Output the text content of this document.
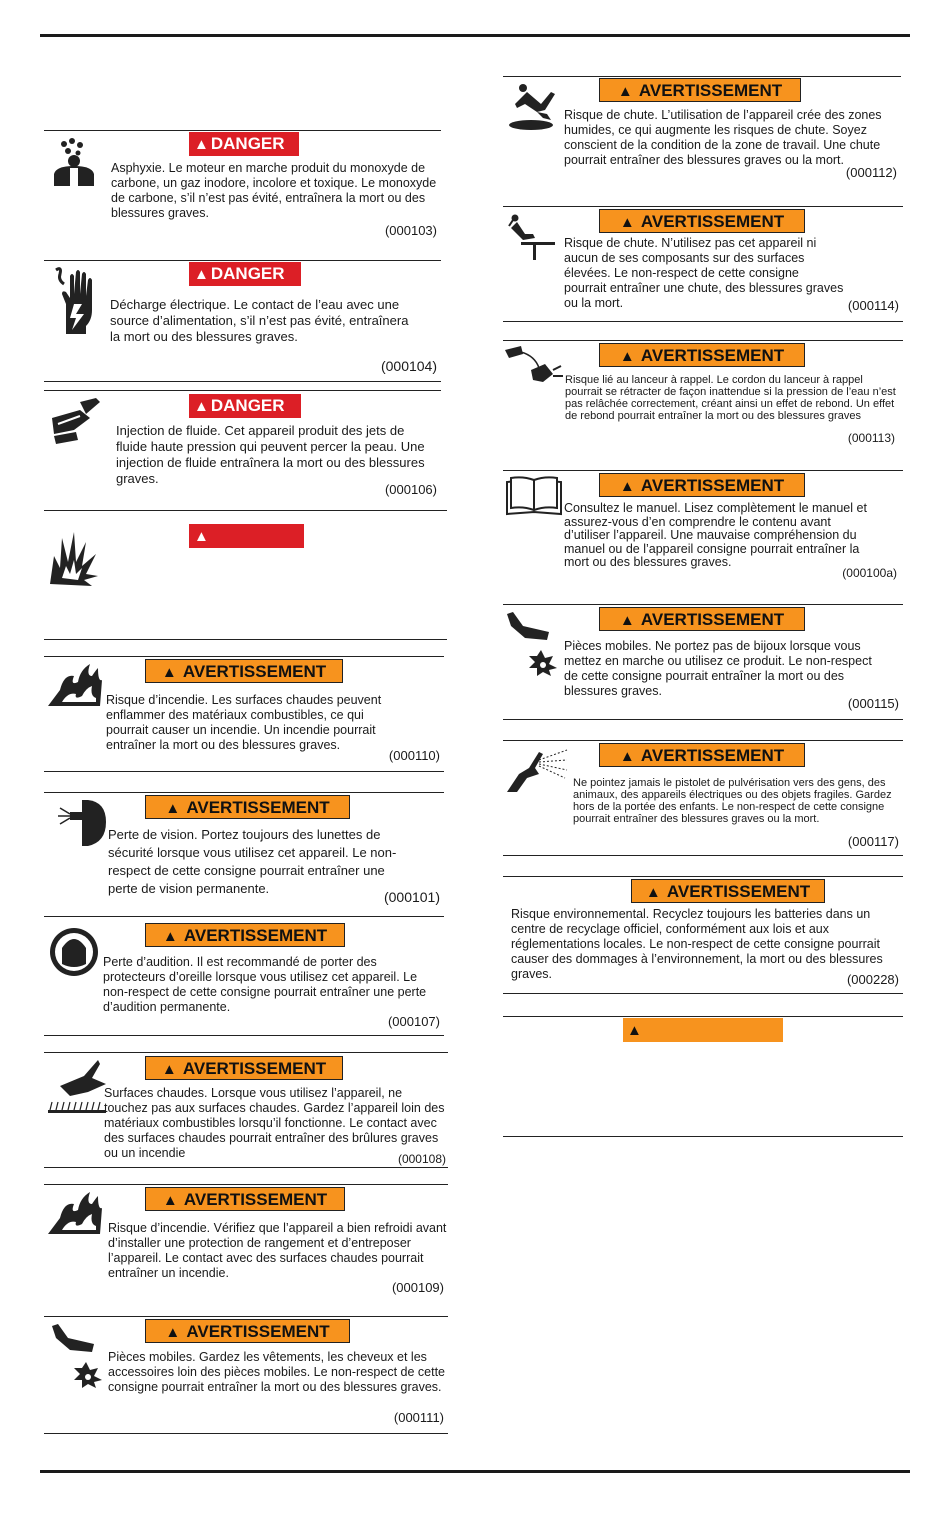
▲ DANGER
Asphyxie. Le moteur en marche produit du monoxyde de carbone, un gaz inodore, incolore et toxique. Le monoxyde de carbone, s’il n’est pas évité, entraînera la mort ou des blessures graves.
(000103)
▲ DANGER
Décharge électrique. Le contact de l’eau avec une source d’alimentation, s’il n’est pas évité, entraînera la mort ou des blessures graves.
(000104)
▲ DANGER
Injection de fluide. Cet appareil produit des jets de fluide haute pression qui peuvent percer la peau. Une injection de fluide entraînera la mort ou des blessures graves.
(000106)
▲
▲ AVERTISSEMENT
Risque d’incendie. Les surfaces chaudes peuvent enflammer des matériaux combustibles, ce qui pourrait causer un incendie. Un incendie pourrait entraîner la mort ou des blessures graves.
(000110)
▲ AVERTISSEMENT
Perte de vision. Portez toujours des lunettes de sécurité lorsque vous utilisez cet appareil. Le non-respect de cette consigne pourrait entraîner une perte de vision permanente.
(000101)
▲ AVERTISSEMENT
Perte d’audition. Il est recommandé de porter des protecteurs d’oreille lorsque vous utilisez cet appareil. Le non-respect de cette consigne pourrait entraîner une perte d’audition permanente.
(000107)
▲ AVERTISSEMENT
Surfaces chaudes. Lorsque vous utilisez l’appareil, ne touchez pas aux surfaces chaudes. Gardez l’appareil loin des matériaux combustibles lorsqu’il fonctionne. Le contact avec des surfaces chaudes pourrait entraîner des brûlures graves ou un incendie	(000108)
▲ AVERTISSEMENT
Risque d’incendie. Vérifiez que l’appareil a bien refroidi avant d’installer une protection de rangement et d’entreposer l’appareil. Le contact avec des surfaces chaudes pourrait entraîner un incendie.
(000109)
▲ AVERTISSEMENT
Pièces mobiles. Gardez les vêtements, les cheveux et les accessoires loin des pièces mobiles. Le non-respect de cette consigne pourrait entraîner la mort ou des blessures graves.
(000111)
▲ AVERTISSEMENT
Risque de chute. L’utilisation de l’appareil crée des zones humides, ce qui augmente les risques de chute. Soyez conscient de la condition de la zone de travail. Une chute pourrait entraîner des blessures graves ou la mort.
(000112)
▲ AVERTISSEMENT
Risque de chute. N’utilisez pas cet appareil ni aucun de ses composants sur des surfaces élevées. Le non-respect de cette consigne pourrait entraîner une chute, des blessures graves ou la mort.	(000114)
▲ AVERTISSEMENT
Risque lié au lanceur à rappel. Le cordon du lanceur à rappel pourrait se rétracter de façon inattendue si la pression de l’eau n’est pas relâchée correctement, créant ainsi un effet de rebond. Un effet de rebond pourrait entraîner la mort ou des blessures graves
(000113)
▲ AVERTISSEMENT
Consultez le manuel. Lisez complètement le manuel et assurez-vous d’en comprendre le contenu avant d’utiliser l’appareil. Une mauvaise compréhension du manuel ou de l’appareil consigne pourrait entraîner la mort ou des blessures graves.
(000100a)
▲ AVERTISSEMENT
Pièces mobiles. Ne portez pas de bijoux lorsque vous mettez en marche ou utilisez ce produit. Le non-respect de cette consigne pourrait entraîner la mort ou des blessures graves.
(000115)
▲ AVERTISSEMENT
Ne pointez jamais le pistolet de pulvérisation vers des gens, des animaux, des appareils électriques ou des objets fragiles. Gardez hors de la portée des enfants. Le non-respect de cette consigne pourrait entraîner des blessures graves ou la mort.
(000117)
▲ AVERTISSEMENT
Risque environnemental. Recyclez toujours les batteries dans un centre de recyclage officiel, conformément aux lois et aux réglementations locales. Le non-respect de cette consigne pourrait causer des dommages à l’environnement, la mort ou des blessures graves.	(000228)
▲
